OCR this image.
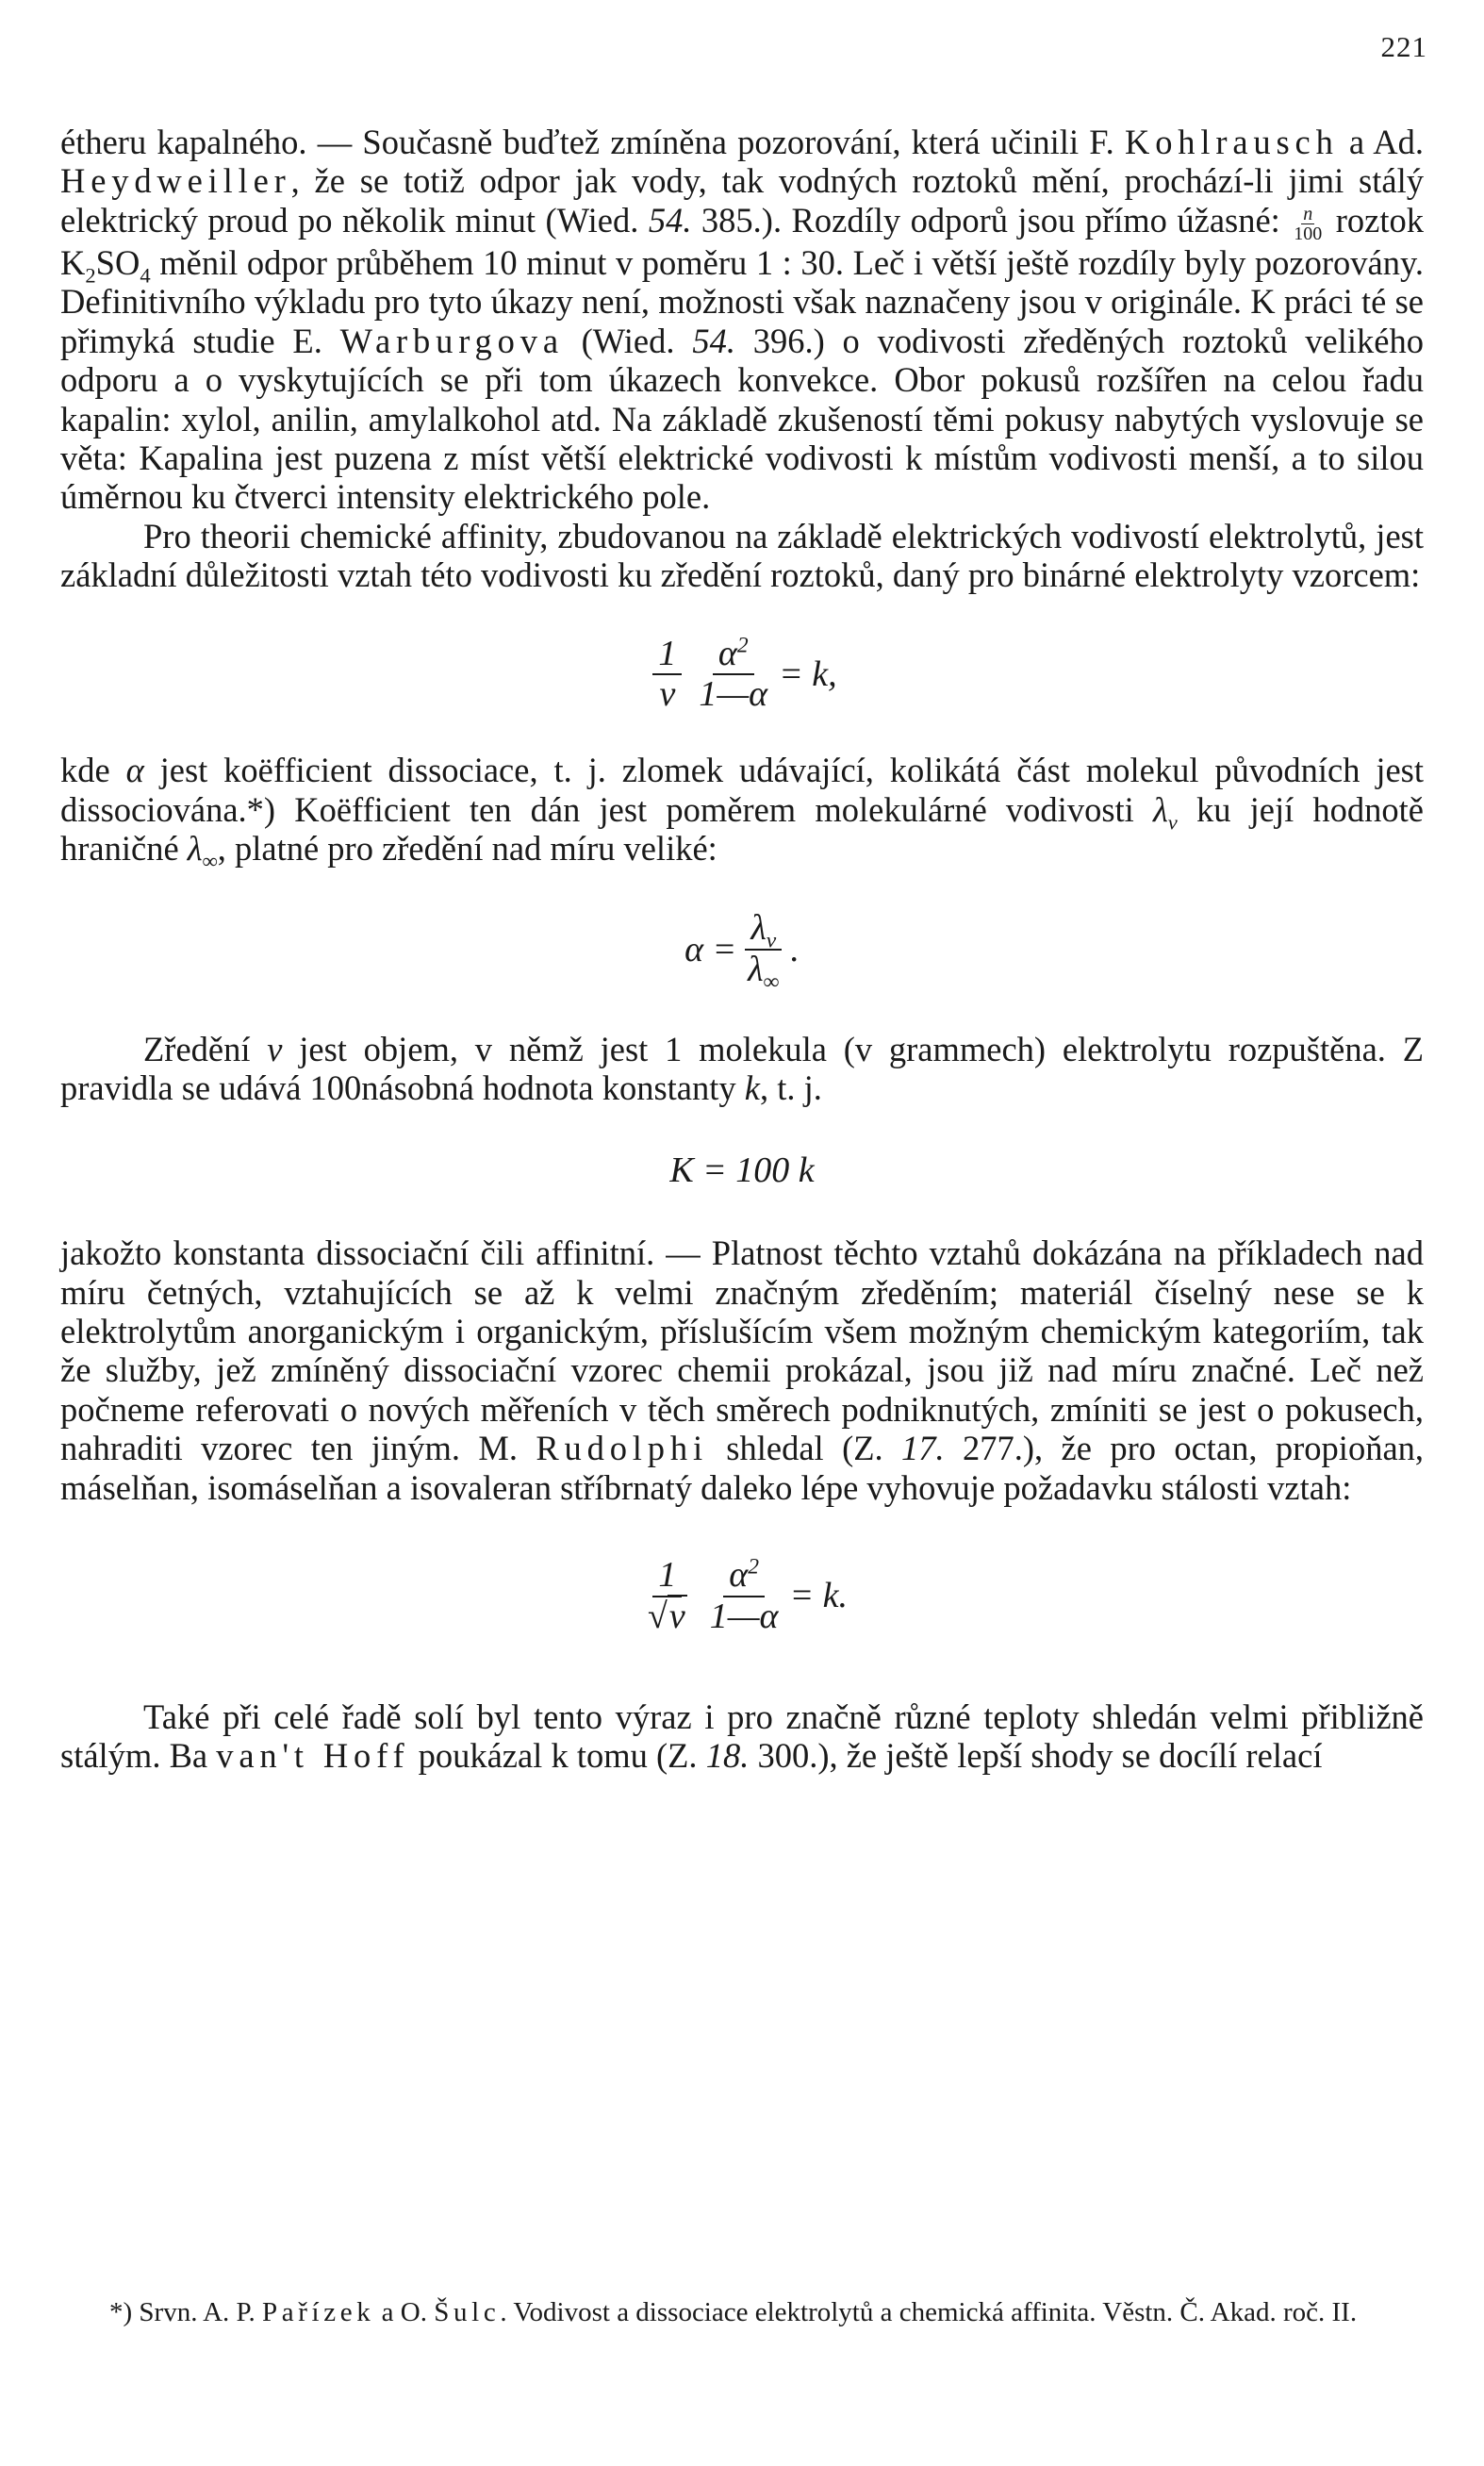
221

étheru kapalného. — Současně buďtež zmíněna pozorování, která učinili F. Kohlrausch a Ad. Heydweiller, že se totiž odpor jak vody, tak vodných roztoků mění, prochází-li jimi stálý elektrický proud po několik minut (Wied. 54. 385.). Rozdíly odporů jsou přímo úžasné: $\frac{n}{100}$ roztok $K_2SO_4$ měnil odpor průběhem 10 minut v poměru 1 : 30. Leč i větší ještě rozdíly byly pozorovány. Definitivního výkladu pro tyto úkazy není, možnosti však naznačeny jsou v originále. K práci té se přimyká studie E. Warburgova (Wied. 54. 396.) o vodivosti zředěných roztoků velikého odporu a o vyskytujících se při tom úkazech konvekce. Obor pokusů rozšířen na celou řadu kapalin: xylol, anilin, amylalkohol atd. Na základě zkušeností těmi pokusy nabytých vyslovuje se věta: Kapalina jest puzena z míst větší elektrické vodivosti k místům vodivosti menší, a to silou úměrnou ku čtverci intensity elektrického pole.

Pro theorii chemické affinity, zbudovanou na základě elektrických vodivostí elektrolytů, jest základní důležitosti vztah této vodivosti ku zředění roztoků, daný pro binárné elektrolyty vzorcem:

$\frac{1}{v} \frac{\alpha^2}{1—\alpha} = k$,

kde α jest koëfficient dissociace, t. j. zlomek udávající, kolikátá část molekul původních jest dissociována.*) Koëfficient ten dán jest poměrem molekulárné vodivosti $\lambda_v$ ku její hodnotě hraničné $\lambda_\infty$, platné pro zředění nad míru veliké:

$\alpha = \frac{\lambda_v}{\lambda_\infty}$ .

Zředění v jest objem, v němž jest 1 molekula (v grammech) elektrolytu rozpuštěna. Z pravidla se udává 100násobná hodnota konstanty k, t. j.

K = 100 k

jakožto konstanta dissociační čili affinitní. — Platnost těchto vztahů dokázána na příkladech nad míru četných, vztahujících se až k velmi značným zředěním; materiál číselný nese se k elektrolytům anorganickým i organickým, příslušícím všem možným chemickým kategoriím, tak že služby, jež zmíněný dissociační vzorec chemii prokázal, jsou již nad míru značné. Leč než počneme referovati o nových měřeních v těch směrech podniknutých, zmíniti se jest o pokusech, nahraditi vzorec ten jiným. M. Rudolphi shledal (Z. 17. 277.), že pro octan, propioňan, máselňan, isomáselňan a isovaleran stříbrnatý daleko lépe vyhovuje požadavku stálosti vztah:

$\frac{1}{√v} \frac{\alpha^2}{1—\alpha} = k$.

Také při celé řadě solí byl tento výraz i pro značně různé teploty shledán velmi přibližně stálým. Ba van't Hoff poukázal k tomu (Z. 18. 300.), že ještě lepší shody se docílí relací

*) Srvn. A. P. Pařízek a O. Šulc. Vodivost a dissociace elektrolytů a chemická affinita. Věstn. Č. Akad. roč. II.
